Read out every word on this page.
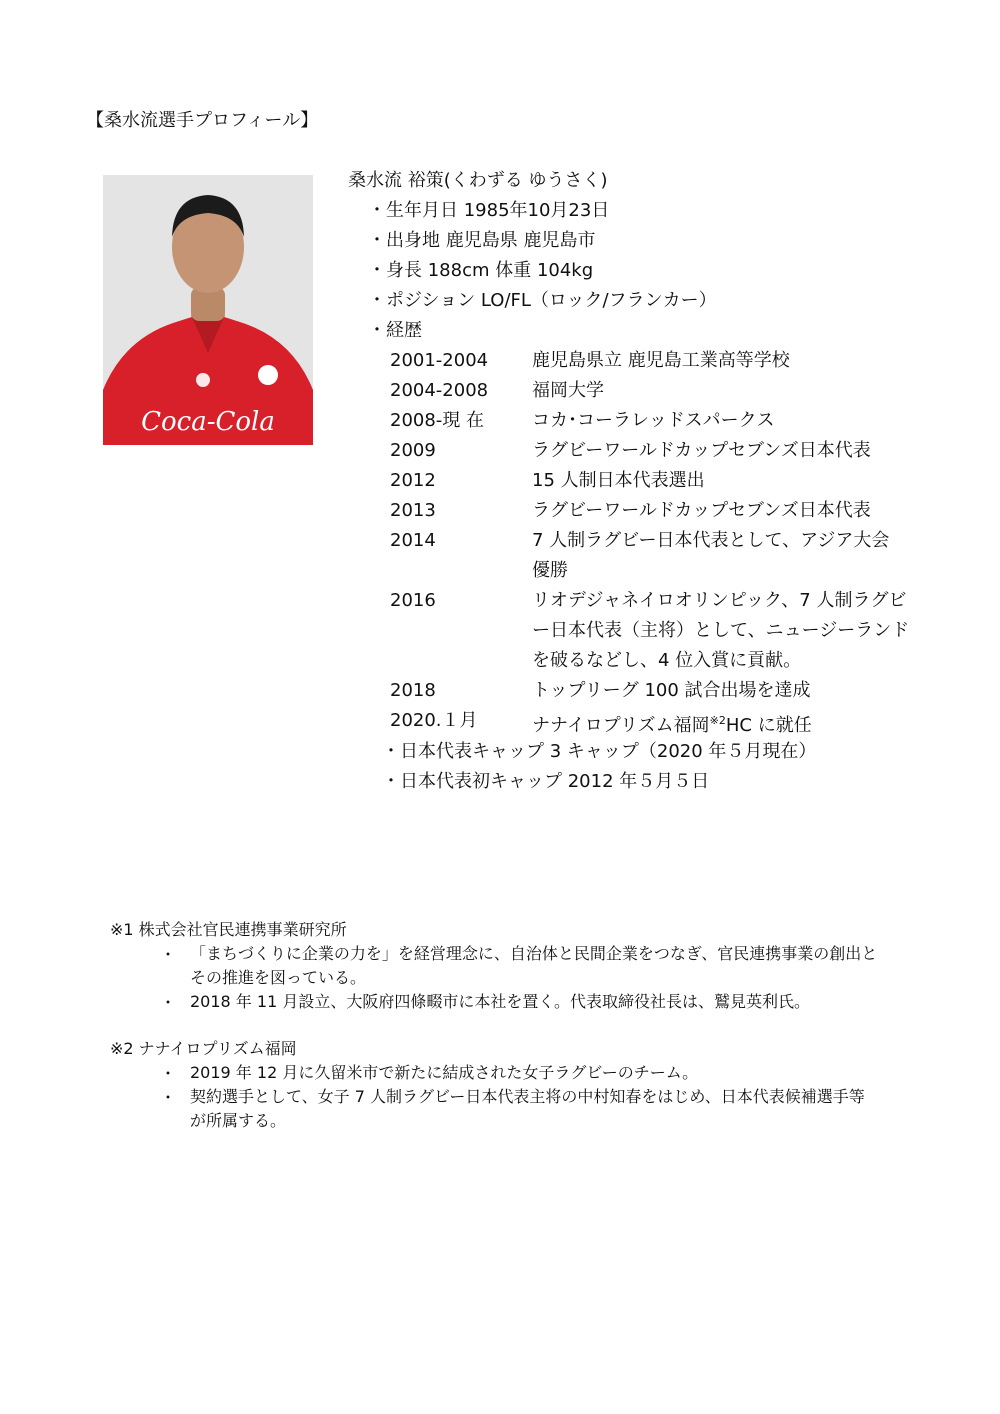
【桑水流選手プロフィール】
Coca‑Cola
桑水流 裕策(くわずる ゆうさく)
・生年月日 1985年10月23日
・出身地 鹿児島県 鹿児島市
・身長 188cm 体重 104kg
・ポジション LO/FL（ロック/フランカー）
・経歴
2001-2004	鹿児島県立 鹿児島工業高等学校
2004-2008	福岡大学
2008-現 在	コカ･コーラレッドスパークス
2009	ラグビーワールドカップセブンズ日本代表
2012	15 人制日本代表選出
2013	ラグビーワールドカップセブンズ日本代表
2014	7 人制ラグビー日本代表として、アジア大会
優勝
2016	リオデジャネイロオリンピック、7 人制ラグビ
ー日本代表（主将）として、ニュージーランド
を破るなどし、4 位入賞に貢献。
2018	トップリーグ 100 試合出場を達成
2020.１月	ナナイロプリズム福岡$^{※2}$HC に就任
・日本代表キャップ 3 キャップ（2020 年５月現在）
・日本代表初キャップ 2012 年５月５日
※1 株式会社官民連携事業研究所
・ 「まちづくりに企業の力を」を経営理念に、自治体と民間企業をつなぎ、官民連携事業の創出と
その推進を図っている。
・ 2018 年 11 月設立、大阪府四條畷市に本社を置く。代表取締役社長は、鷲見英利氏。
※2 ナナイロプリズム福岡
・ 2019 年 12 月に久留米市で新たに結成された女子ラグビーのチーム。
・ 契約選手として、女子 7 人制ラグビー日本代表主将の中村知春をはじめ、日本代表候補選手等
が所属する。
